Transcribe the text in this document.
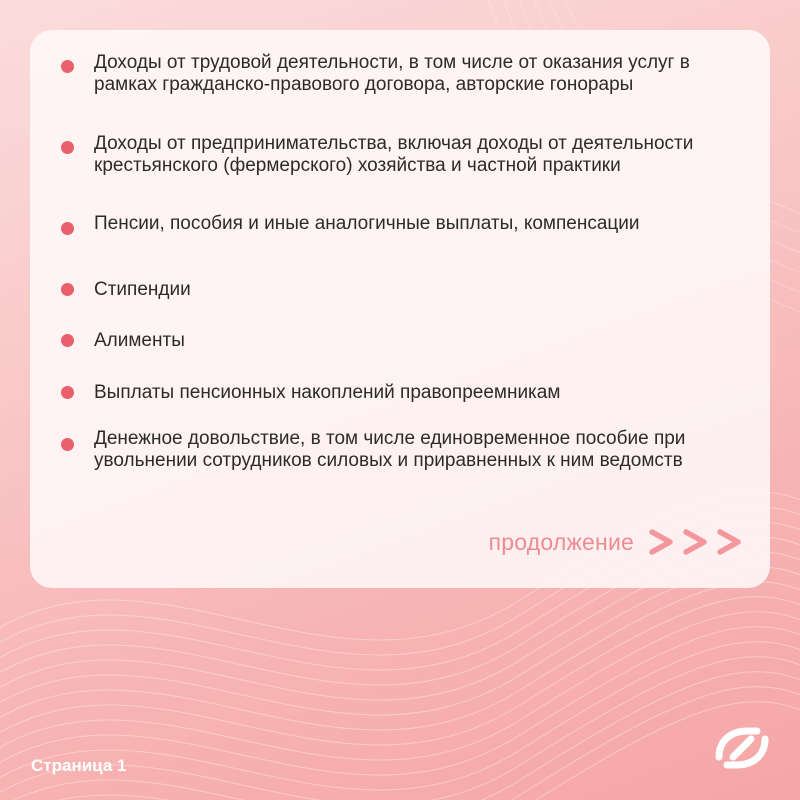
Доходы от трудовой деятельности, в том числе от оказания услуг в рамках гражданско-правового договора, авторские гонорары
Доходы от предпринимательства, включая доходы от деятельности крестьянского (фермерского) хозяйства и частной практики
Пенсии, пособия и иные аналогичные выплаты, компенсации
Стипендии
Алименты
Выплаты пенсионных накоплений правопреемникам
Денежное довольствие, в том числе единовременное пособие при увольнении сотрудников силовых и приравненных к ним ведомств
продолжение
Страница 1
